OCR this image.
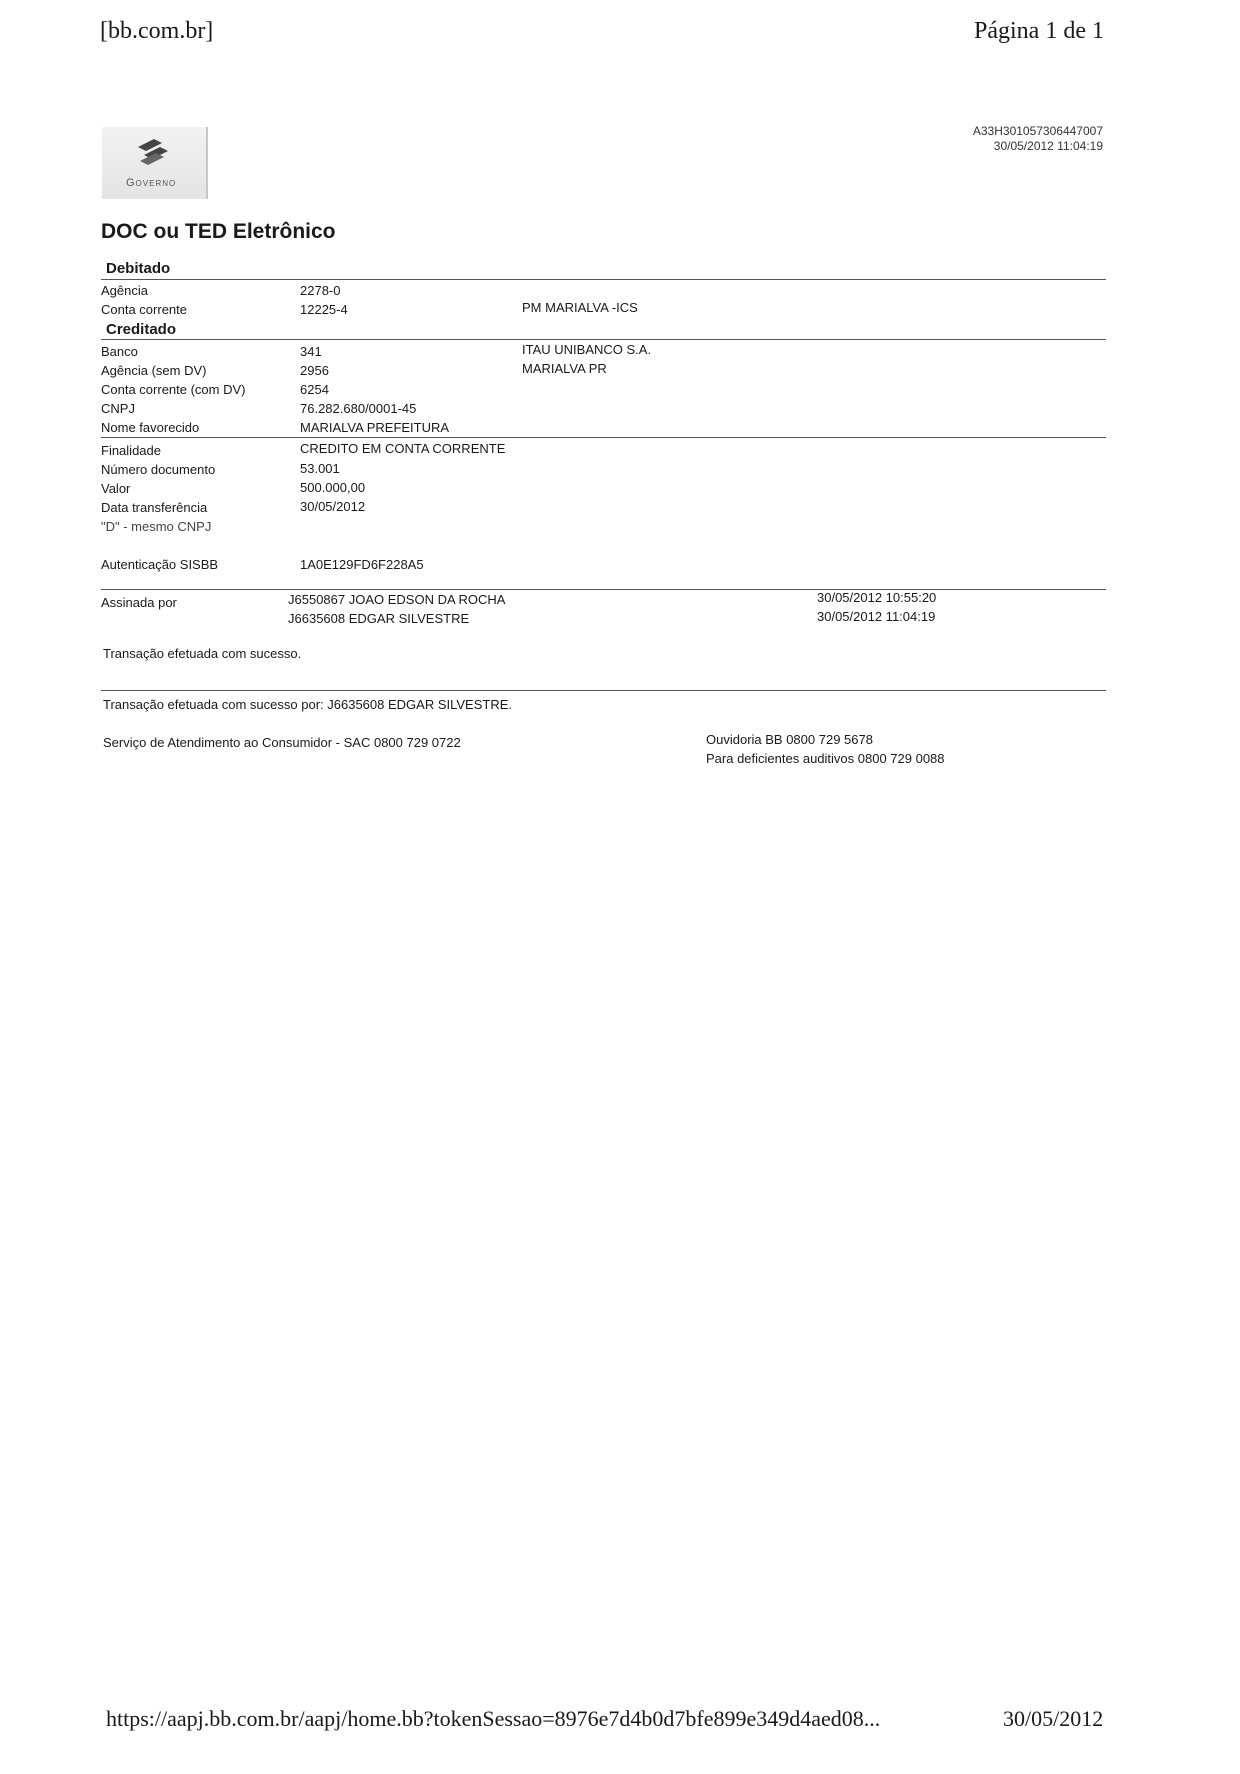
[bb.com.br]	Página 1 de 1
Governo
A33H301057306447007
30/05/2012 11:04:19
DOC ou TED Eletrônico
Debitado
Agência	2278-0
Conta corrente	12225-4	PM MARIALVA -ICS
Creditado
Banco	341	ITAU UNIBANCO S.A.
Agência (sem DV)	2956	MARIALVA PR
Conta corrente (com DV)	6254
CNPJ	76.282.680/0001-45
Nome favorecido	MARIALVA PREFEITURA
Finalidade	CREDITO EM CONTA CORRENTE
Número documento	53.001
Valor	500.000,00
Data transferência	30/05/2012
"D" - mesmo CNPJ
Autenticação SISBB	1A0E129FD6F228A5
Assinada por	J6550867 JOAO EDSON DA ROCHA	30/05/2012 10:55:20
J6635608 EDGAR SILVESTRE	30/05/2012 11:04:19
Transação efetuada com sucesso.
Transação efetuada com sucesso por: J6635608 EDGAR SILVESTRE.
Serviço de Atendimento ao Consumidor - SAC 0800 729 0722	Ouvidoria BB 0800 729 5678
Para deficientes auditivos 0800 729 0088
https://aapj.bb.com.br/aapj/home.bb?tokenSessao=8976e7d4b0d7bfe899e349d4aed08...	30/05/2012
